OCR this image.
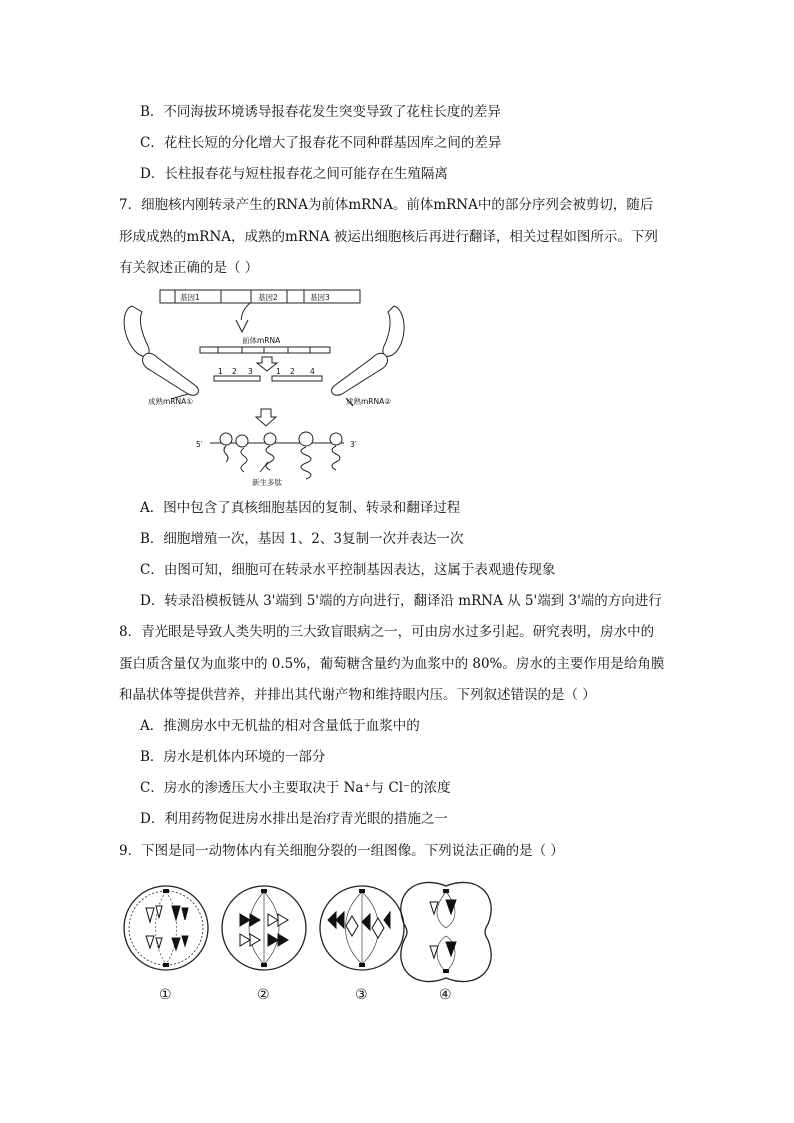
B．不同海拔环境诱导报春花发生突变导致了花柱长度的差异
C．花柱长短的分化增大了报春花不同种群基因库之间的差异
D．长柱报春花与短柱报春花之间可能存在生殖隔离
7．细胞核内刚转录产生的RNA为前体mRNA。前体mRNA中的部分序列会被剪切，随后
形成成熟的mRNA，成熟的mRNA 被运出细胞核后再进行翻译，相关过程如图所示。下列
有关叙述正确的是（ ）
基因1	基因2	基因3
前体mRNA
1 2 3	1 2 4
成熟mRNA①	成熟mRNA②
5′	3′
新生多肽
A．图中包含了真核细胞基因的复制、转录和翻译过程
B．细胞增殖一次，基因 1、2、3复制一次并表达一次
C．由图可知，细胞可在转录水平控制基因表达，这属于表观遗传现象
D．转录沿模板链从 3'端到 5'端的方向进行，翻译沿 mRNA 从 5'端到 3'端的方向进行
8．青光眼是导致人类失明的三大致盲眼病之一，可由房水过多引起。研究表明，房水中的
蛋白质含量仅为血浆中的 0.5%，葡萄糖含量约为血浆中的 80%。房水的主要作用是给角膜
和晶状体等提供营养，并排出其代谢产物和维持眼内压。下列叙述错误的是（ ）
A．推测房水中无机盐的相对含量低于血浆中的
B．房水是机体内环境的一部分
C．房水的渗透压大小主要取决于 Na⁺与 Cl⁻的浓度
D．利用药物促进房水排出是治疗青光眼的措施之一
9．下图是同一动物体内有关细胞分裂的一组图像。下列说法正确的是（ ）
①	②	③	④
